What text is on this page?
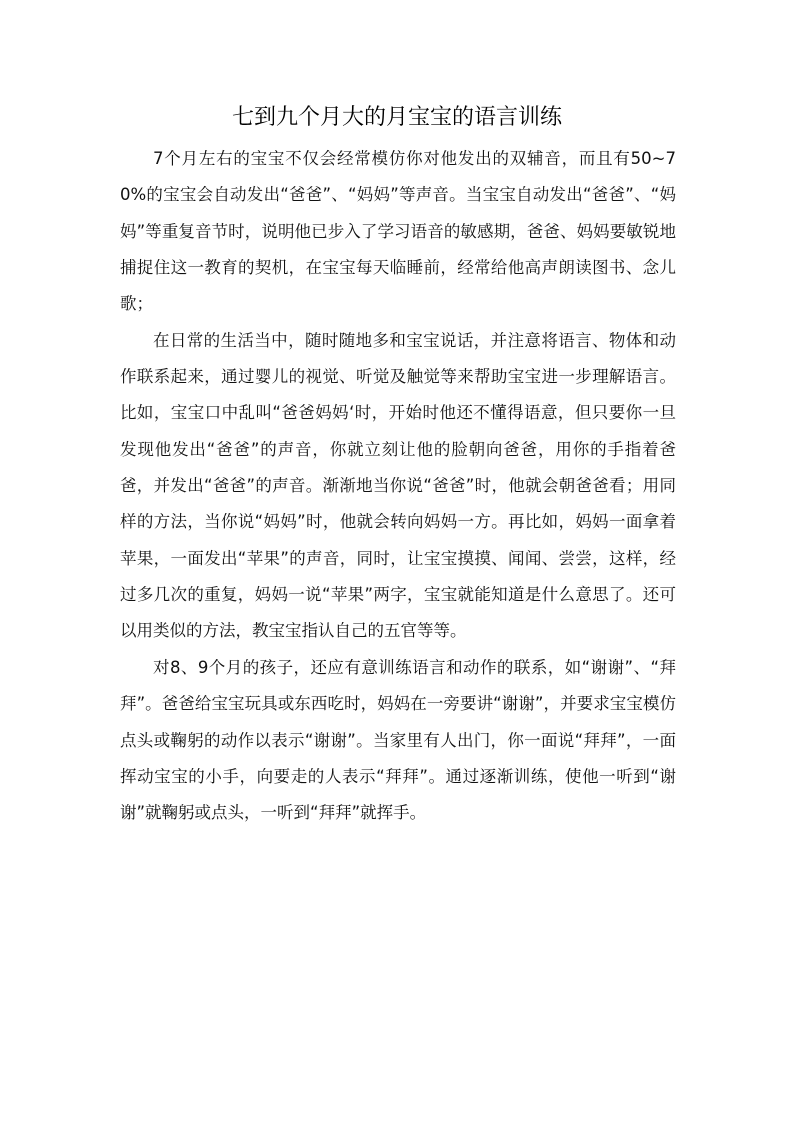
七到九个月大的月宝宝的语言训练

7个月左右的宝宝不仅会经常模仿你对他发出的双辅音，而且有50~70%的宝宝会自动发出“爸爸”、“妈妈”等声音。当宝宝自动发出“爸爸”、“妈妈”等重复音节时，说明他已步入了学习语音的敏感期，爸爸、妈妈要敏锐地捕捉住这一教育的契机，在宝宝每天临睡前，经常给他高声朗读图书、念儿歌；

在日常的生活当中，随时随地多和宝宝说话，并注意将语言、物体和动作联系起来，通过婴儿的视觉、听觉及触觉等来帮助宝宝进一步理解语言。比如，宝宝口中乱叫“爸爸妈妈‘时，开始时他还不懂得语意，但只要你一旦发现他发出“爸爸”的声音，你就立刻让他的脸朝向爸爸，用你的手指着爸爸，并发出“爸爸”的声音。渐渐地当你说“爸爸”时，他就会朝爸爸看；用同样的方法，当你说“妈妈”时，他就会转向妈妈一方。再比如，妈妈一面拿着苹果，一面发出“苹果”的声音，同时，让宝宝摸摸、闻闻、尝尝，这样，经过多几次的重复，妈妈一说“苹果”两字，宝宝就能知道是什么意思了。还可以用类似的方法，教宝宝指认自己的五官等等。

对8、9个月的孩子，还应有意训练语言和动作的联系，如“谢谢”、“拜拜”。爸爸给宝宝玩具或东西吃时，妈妈在一旁要讲“谢谢”，并要求宝宝模仿点头或鞠躬的动作以表示“谢谢”。当家里有人出门，你一面说“拜拜”，一面挥动宝宝的小手，向要走的人表示“拜拜”。通过逐渐训练，使他一听到“谢谢”就鞠躬或点头，一听到“拜拜”就挥手。
